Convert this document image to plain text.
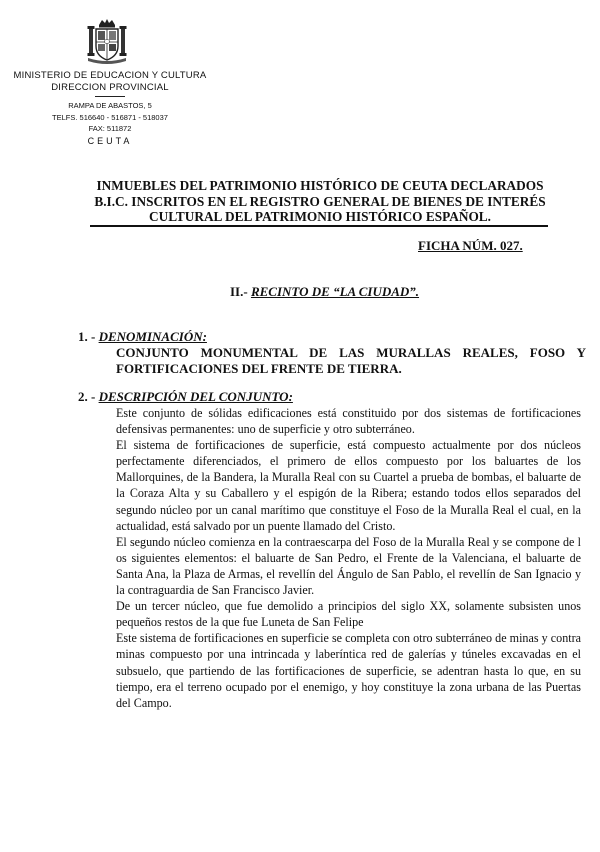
MINISTERIO DE EDUCACION Y CULTURA
DIRECCION PROVINCIAL
RAMPA DE ABASTOS, 5
TELFS. 516640 - 516871 - 518037
FAX: 511872
CEUTA
INMUEBLES DEL PATRIMONIO HISTÓRICO DE CEUTA DECLARADOS
B.I.C. INSCRITOS EN EL REGISTRO GENERAL DE BIENES DE INTERÉS
CULTURAL DEL PATRIMONIO HISTÓRICO ESPAÑOL.
FICHA NÚM. 027.
II.- RECINTO DE “LA CIUDAD”.
1. - DENOMINACIÓN:
CONJUNTO MONUMENTAL DE LAS MURALLAS REALES, FOSO Y FORTIFICACIONES DEL FRENTE DE TIERRA.
2. - DESCRIPCIÓN DEL CONJUNTO:

Este conjunto de sólidas edificaciones está constituido por dos sistemas de fortificaciones defensivas permanentes: uno de superficie y otro subterráneo.

El sistema de fortificaciones de superficie, está compuesto actualmente por dos núcleos perfectamente diferenciados, el primero de ellos compuesto por los baluartes de los Mallorquines, de la Bandera, la Muralla Real con su Cuartel a prueba de bombas, el baluarte de la Coraza Alta y su Caballero y el espigón de la Ribera; estando todos ellos separados del segundo núcleo por un canal marítimo que constituye el Foso de la Muralla Real el cual, en la actualidad, está salvado por un puente llamado del Cristo.

El segundo núcleo comienza en la contraescarpa del Foso de la Muralla Real y se compone de l os siguientes elementos: el baluarte de San Pedro, el Frente de la Valenciana, el baluarte de Santa Ana, la Plaza de Armas, el revellín del Ángulo de San Pablo, el revellín de San Ignacio y la contraguardia de San Francisco Javier.

De un tercer núcleo, que fue demolido a principios del siglo XX, solamente subsisten unos pequeños restos de la que fue Luneta de San Felipe

Este sistema de fortificaciones en superficie se completa con otro subterráneo de minas y contra minas compuesto por una intrincada y laberíntica red de galerías y túneles excavadas en el subsuelo, que partiendo de las fortificaciones de superficie, se adentran hasta lo que, en su tiempo, era el terreno ocupado por el enemigo, y hoy constituye la zona urbana de las Puertas del Campo.
